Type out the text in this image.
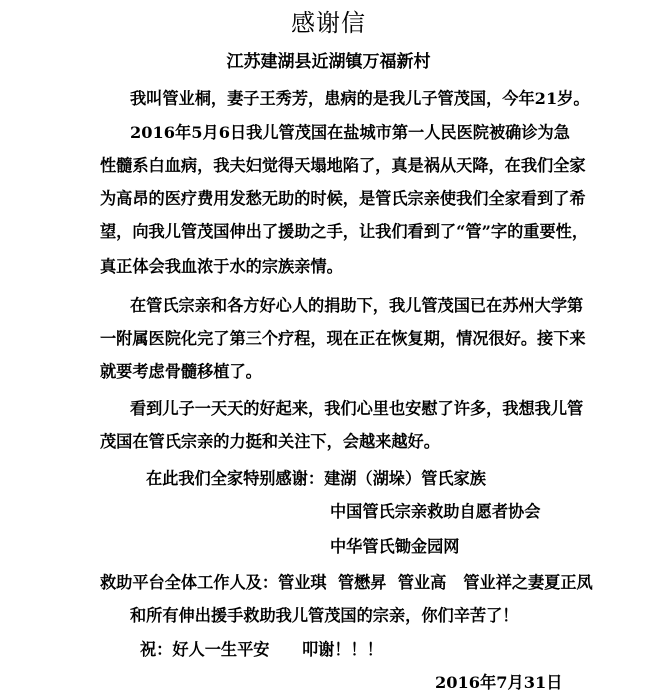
感谢信
江苏建湖县近湖镇万福新村
我叫管业桐，妻子王秀芳，患病的是我儿子管茂国，今年21岁。
2016年5月6日我儿管茂国在盐城市第一人民医院被确诊为急
性髓系白血病，我夫妇觉得天塌地陷了，真是祸从天降，在我们全家
为高昂的医疗费用发愁无助的时候，是管氏宗亲使我们全家看到了希
望，向我儿管茂国伸出了援助之手，让我们看到了“管”字的重要性，
真正体会我血浓于水的宗族亲情。
在管氏宗亲和各方好心人的捐助下，我儿管茂国已在苏州大学第
一附属医院化完了第三个疗程，现在正在恢复期，情况很好。接下来
就要考虑骨髓移植了。
看到儿子一天天的好起来，我们心里也安慰了许多，我想我儿管
茂国在管氏宗亲的力挺和关注下，会越来越好。
在此我们全家特别感谢：建湖（湖垛）管氏家族
中国管氏宗亲救助自愿者协会
中华管氏锄金园网
救助平台全体工作人及：管业琪  管懋昇  管业高   管业祥之妻夏正凤
和所有伸出援手救助我儿管茂国的宗亲，你们辛苦了！
祝：好人一生平安 叩谢！！！
2016年7月31日
